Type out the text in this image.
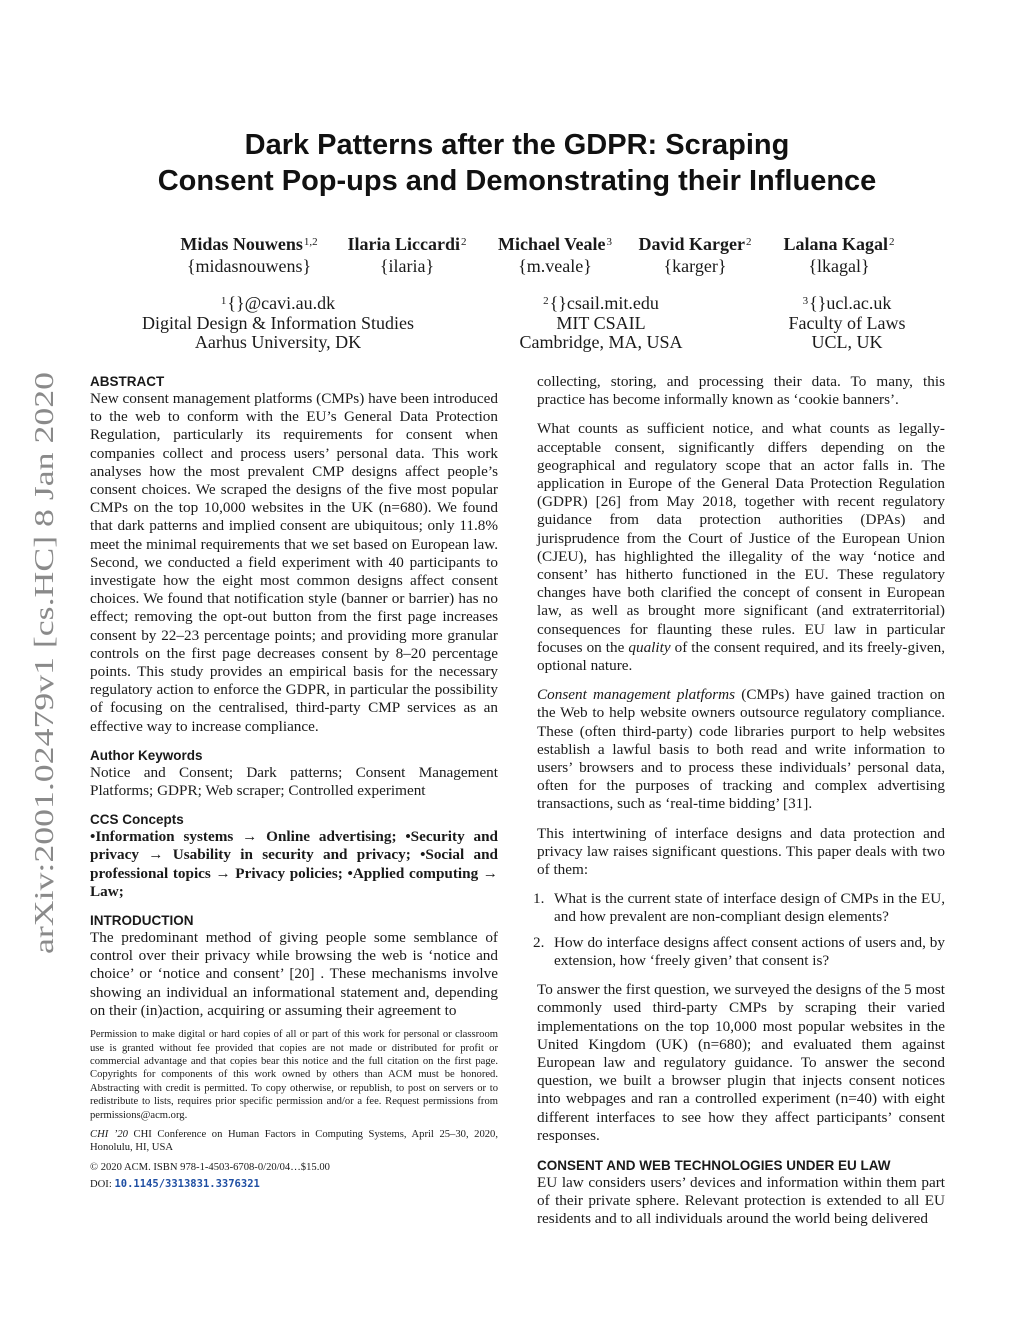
arXiv:2001.02479v1 [cs.HC] 8 Jan 2020
Dark Patterns after the GDPR: Scraping
Consent Pop-ups and Demonstrating their Influence
Midas Nouwens$^{1,2}$
{midasnouwens}
Ilaria Liccardi$^2$
{ilaria}
Michael Veale$^3$
{m.veale}
David Karger$^2$
{karger}
Lalana Kagal$^2$
{lkagal}
$^1${}@cavi.au.dk
Digital Design & Information Studies
Aarhus University, DK
$^2${}csail.mit.edu
MIT CSAIL
Cambridge, MA, USA
$^3${}ucl.ac.uk
Faculty of Laws
UCL, UK
ABSTRACT

New consent management platforms (CMPs) have been introduced to the web to conform with the EU’s General Data Protection Regulation, particularly its requirements for consent when companies collect and process users’ personal data. This work analyses how the most prevalent CMP designs affect people’s consent choices. We scraped the designs of the five most popular CMPs on the top 10,000 websites in the UK (n=680). We found that dark patterns and implied consent are ubiquitous; only 11.8% meet the minimal requirements that we set based on European law. Second, we conducted a field experiment with 40 participants to investigate how the eight most common designs affect consent choices. We found that notification style (banner or barrier) has no effect; removing the opt-out button from the first page increases consent by 22–23 percentage points; and providing more granular controls on the first page decreases consent by 8–20 percentage points. This study provides an empirical basis for the necessary regulatory action to enforce the GDPR, in particular the possibility of focusing on the centralised, third-party CMP services as an effective way to increase compliance.

Author Keywords

Notice and Consent; Dark patterns; Consent Management Platforms; GDPR; Web scraper; Controlled experiment

CCS Concepts

•Information systems → Online advertising; •Security and privacy → Usability in security and privacy; •Social and professional topics → Privacy policies; •Applied computing → Law;

INTRODUCTION

The predominant method of giving people some semblance of control over their privacy while browsing the web is ‘notice and choice’ or ‘notice and consent’ [20] . These mechanisms involve showing an individual an informational statement and, depending on their (in)action, acquiring or assuming their agreement to

Permission to make digital or hard copies of all or part of this work for personal or classroom use is granted without fee provided that copies are not made or distributed for profit or commercial advantage and that copies bear this notice and the full citation on the first page. Copyrights for components of this work owned by others than ACM must be honored. Abstracting with credit is permitted. To copy otherwise, or republish, to post on servers or to redistribute to lists, requires prior specific permission and/or a fee. Request permissions from permissions@acm.org.

CHI ’20 CHI Conference on Human Factors in Computing Systems, April 25–30, 2020, Honolulu, HI, USA

© 2020 ACM. ISBN 978-1-4503-6708-0/20/04…$15.00

DOI: 10.1145/3313831.3376321

collecting, storing, and processing their data. To many, this practice has become informally known as ‘cookie banners’.

What counts as sufficient notice, and what counts as legally-acceptable consent, significantly differs depending on the geographical and regulatory scope that an actor falls in. The application in Europe of the General Data Protection Regulation (GDPR) [26] from May 2018, together with recent regulatory guidance from data protection authorities (DPAs) and jurisprudence from the Court of Justice of the European Union (CJEU), has highlighted the illegality of the way ‘notice and consent’ has hitherto functioned in the EU. These regulatory changes have both clarified the concept of consent in European law, as well as brought more significant (and extraterritorial) consequences for flaunting these rules. EU law in particular focuses on the quality of the consent required, and its freely-given, optional nature.

Consent management platforms (CMPs) have gained traction on the Web to help website owners outsource regulatory compliance. These (often third-party) code libraries purport to help websites establish a lawful basis to both read and write information to users’ browsers and to process these individuals’ personal data, often for the purposes of tracking and complex advertising transactions, such as ‘real-time bidding’ [31].

This intertwining of interface designs and data protection and privacy law raises significant questions. This paper deals with two of them:

1. What is the current state of interface design of CMPs in the EU, and how prevalent are non-compliant design elements?
2. How do interface designs affect consent actions of users and, by extension, how ‘freely given’ that consent is?

To answer the first question, we surveyed the designs of the 5 most commonly used third-party CMPs by scraping their varied implementations on the top 10,000 most popular websites in the United Kingdom (UK) (n=680); and evaluated them against European law and regulatory guidance. To answer the second question, we built a browser plugin that injects consent notices into webpages and ran a controlled experiment (n=40) with eight different interfaces to see how they affect participants’ consent responses.

CONSENT AND WEB TECHNOLOGIES UNDER EU LAW

EU law considers users’ devices and information within them part of their private sphere. Relevant protection is extended to all EU residents and to all individuals around the world being delivered
